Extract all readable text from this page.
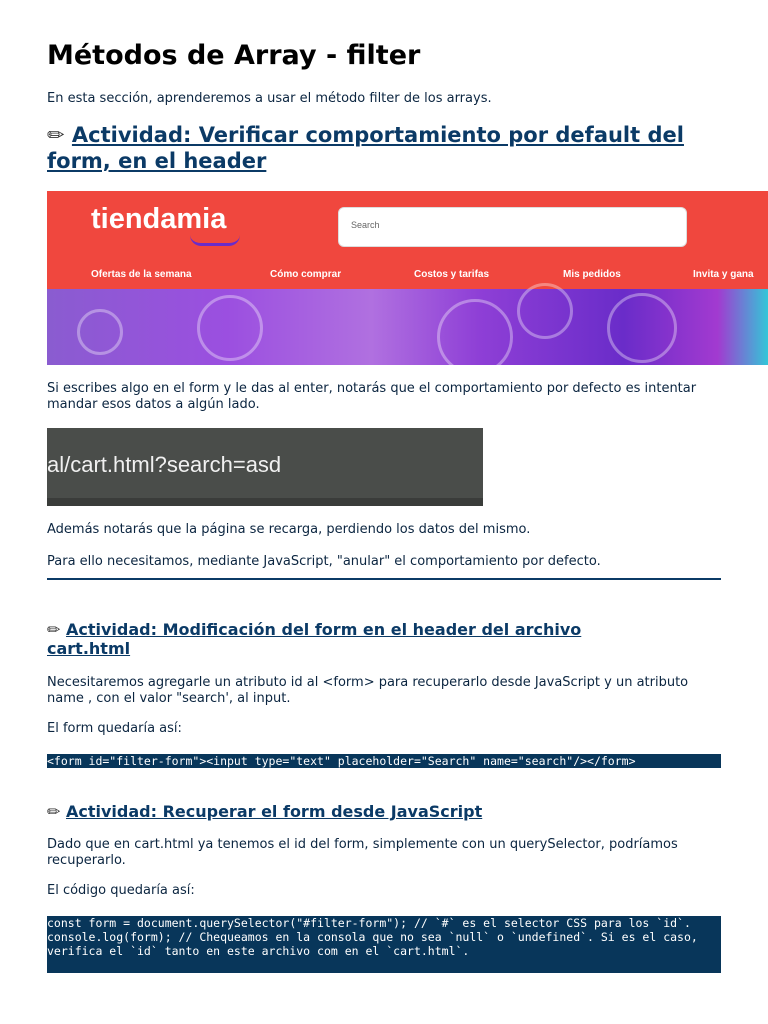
Métodos de Array - filter

En esta sección, aprenderemos a usar el método filter de los arrays.

✏ Actividad: Verificar comportamiento por default del form, en el header
tiendamia	Search
Ofertas de la semana	Cómo comprar	Costos y tarifas	Mis pedidos	Invita y gana

Si escribes algo en el form y le das al enter, notarás que el comportamiento por defecto es intentar mandar esos datos a algún lado.

al/cart.html?search=asd

Además notarás que la página se recarga, perdiendo los datos del mismo.

Para ello necesitamos, mediante JavaScript, "anular" el comportamiento por defecto.

✏ Actividad: Modificación del form en el header del archivo cart.html

Necesitaremos agregarle un atributo id al <form> para recuperarlo desde JavaScript y un atributo name , con el valor "search', al input.

El form quedaría así:

<form id="filter-form"><input type="text" placeholder="Search" name="search"/></form>
✏ Actividad: Recuperar el form desde JavaScript

Dado que en cart.html ya tenemos el id del form, simplemente con un querySelector, podríamos recuperarlo.

El código quedaría así:

const form = document.querySelector("#filter-form"); // `#` es el selector CSS para los `id`.
console.log(form); // Chequeamos en la consola que no sea `null` o `undefined`. Si es el caso, verifica el `id` tanto en este archivo com en el `cart.html`.
